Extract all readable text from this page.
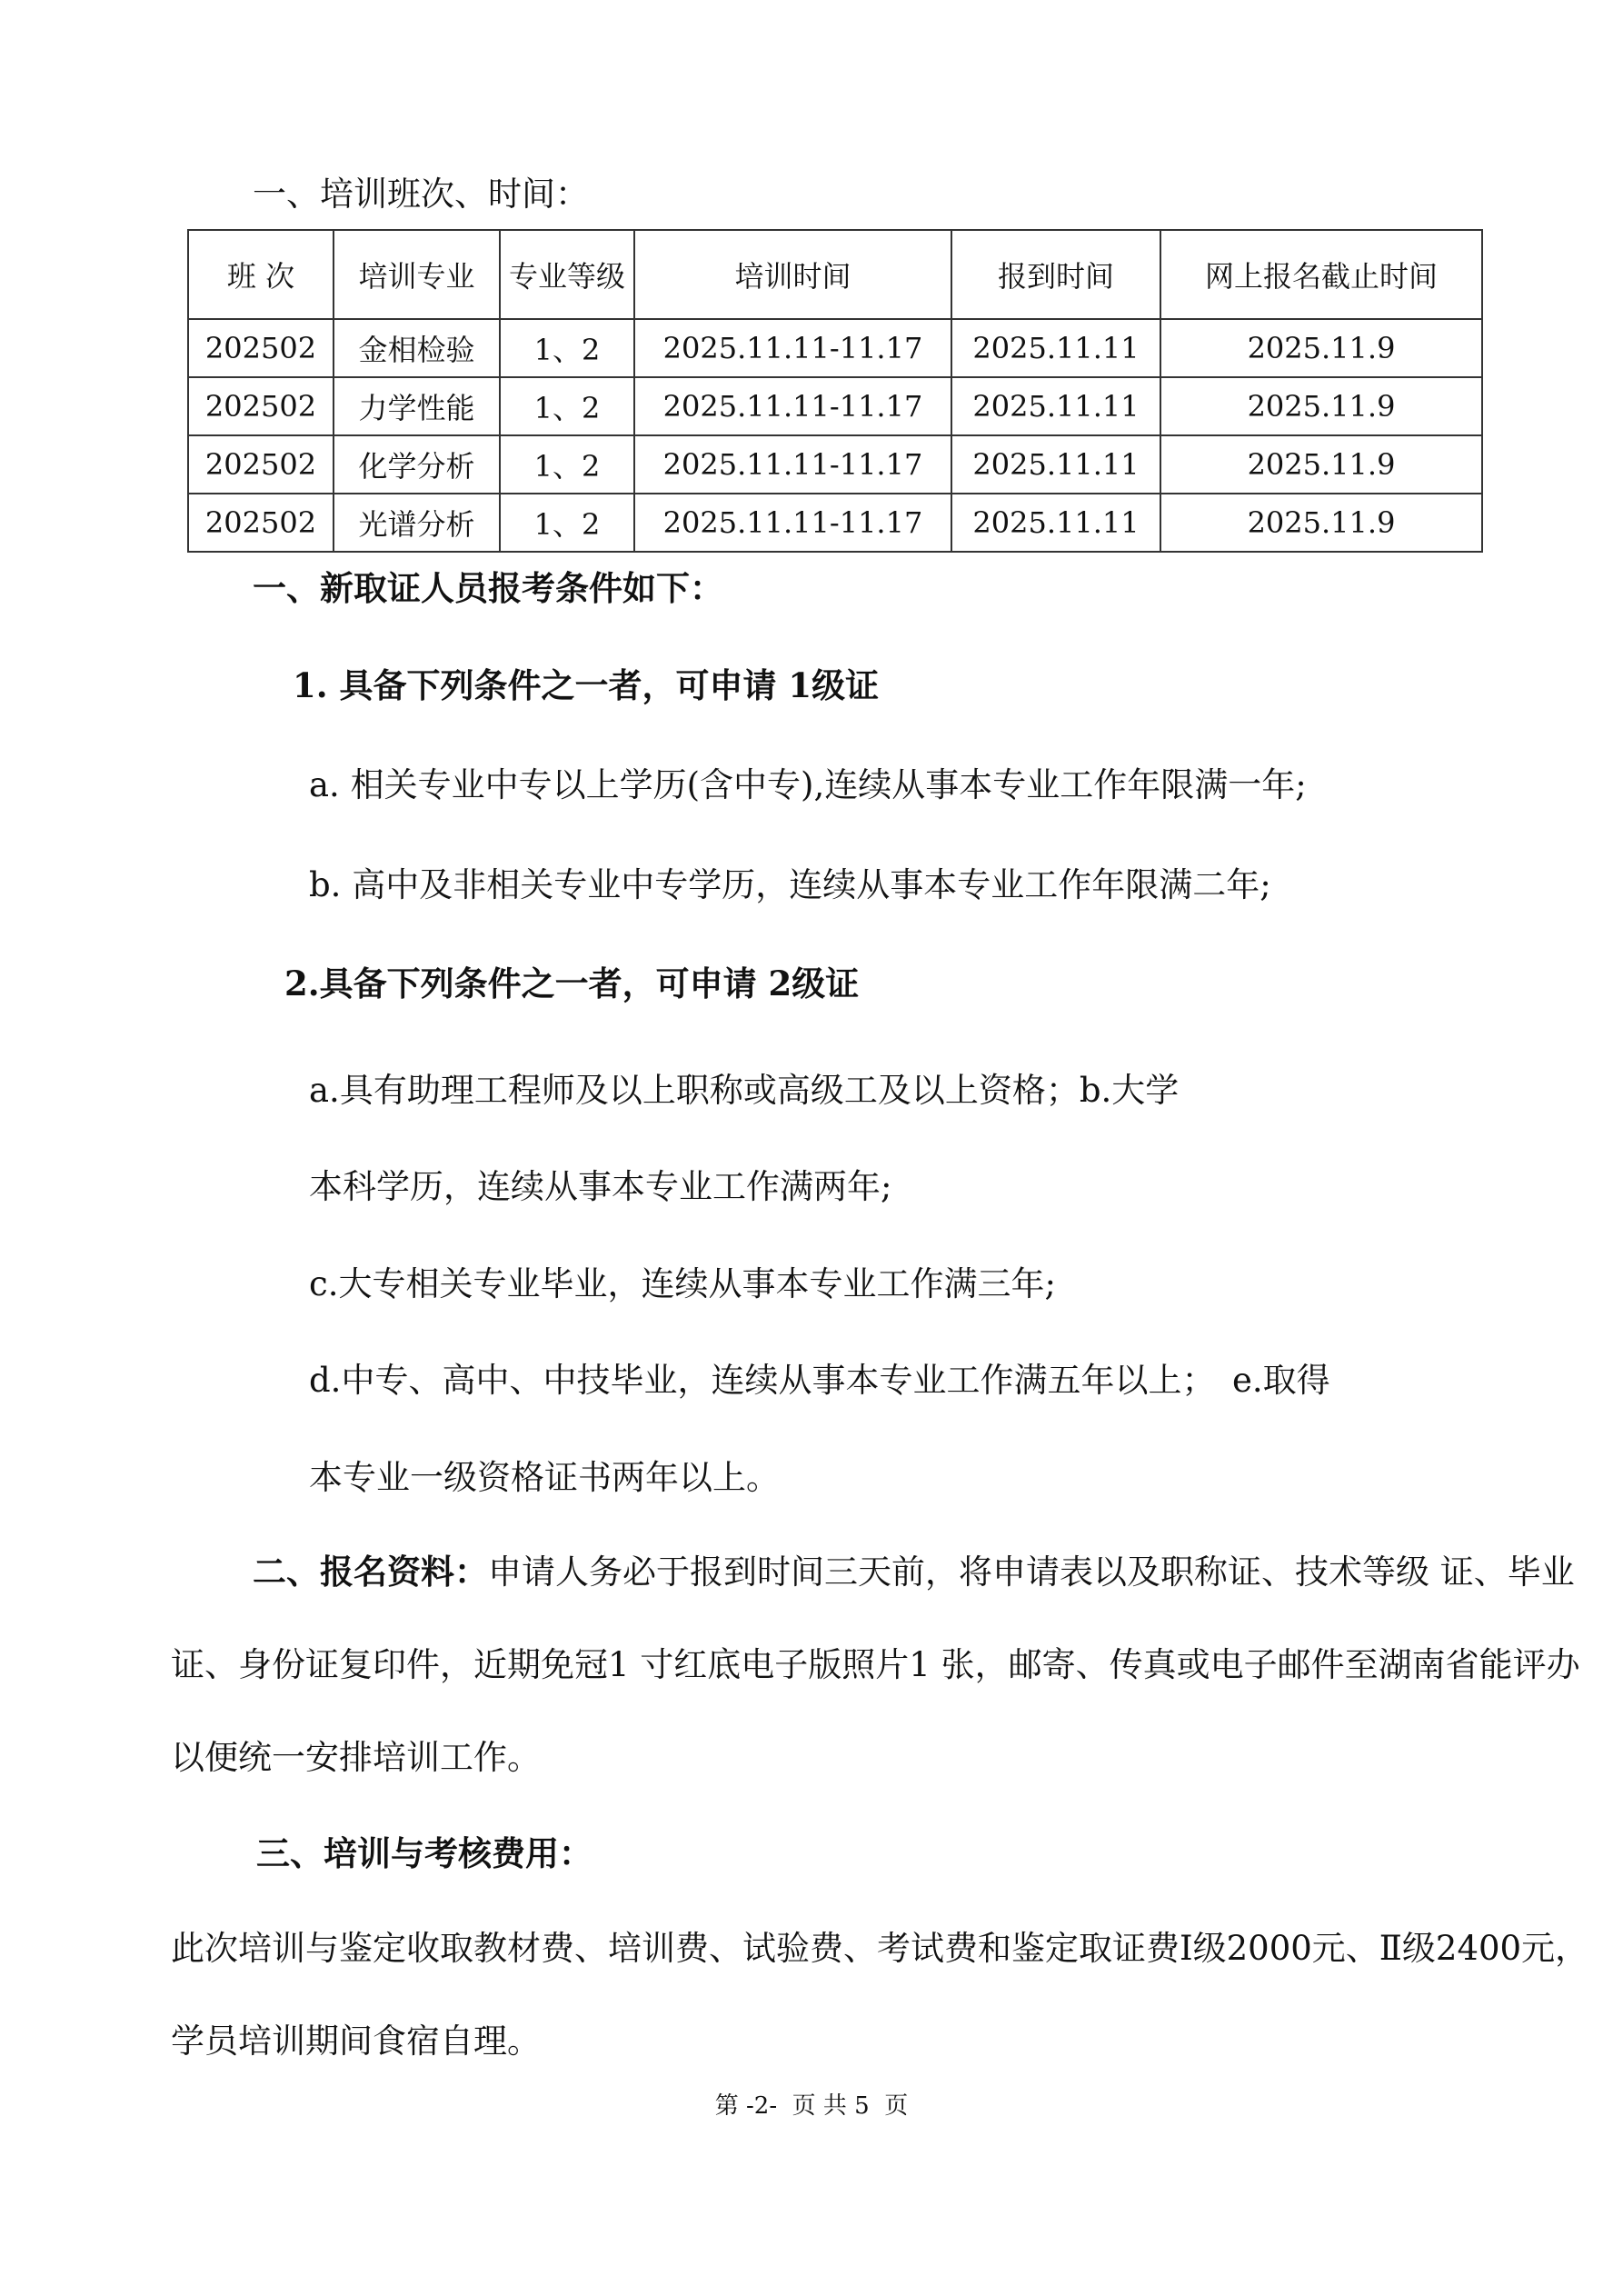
一、培训班次、时间：
班 次	培训专业	专业等级	培训时间	报到时间	网上报名截止时间
202502	金相检验	1、2	2025.11.11-11.17	2025.11.11	2025.11.9
202502	力学性能	1、2	2025.11.11-11.17	2025.11.11	2025.11.9
202502	化学分析	1、2	2025.11.11-11.17	2025.11.11	2025.11.9
202502	光谱分析	1、2	2025.11.11-11.17	2025.11.11	2025.11.9
一、新取证人员报考条件如下：
1. 具备下列条件之一者，可申请 1级证
a. 相关专业中专以上学历(含中专),连续从事本专业工作年限满一年;
b. 高中及非相关专业中专学历，连续从事本专业工作年限满二年;
2.具备下列条件之一者，可申请 2级证
a.具有助理工程师及以上职称或高级工及以上资格；b.大学
本科学历，连续从事本专业工作满两年;
c.大专相关专业毕业，连续从事本专业工作满三年;
d.中专、高中、中技毕业，连续从事本专业工作满五年以上；　e.取得
本专业一级资格证书两年以上。
二、报名资料：申请人务必于报到时间三天前，将申请表以及职称证、技术等级 证、毕业
证、身份证复印件，近期免冠1 寸红底电子版照片1 张，邮寄、传真或电子邮件至湖南省能评办
以便统一安排培训工作。
三、培训与考核费用：
此次培训与鉴定收取教材费、培训费、试验费、考试费和鉴定取证费Ⅰ级2000元、Ⅱ级2400元，
学员培训期间食宿自理。
第 -2-  页 共 5  页
